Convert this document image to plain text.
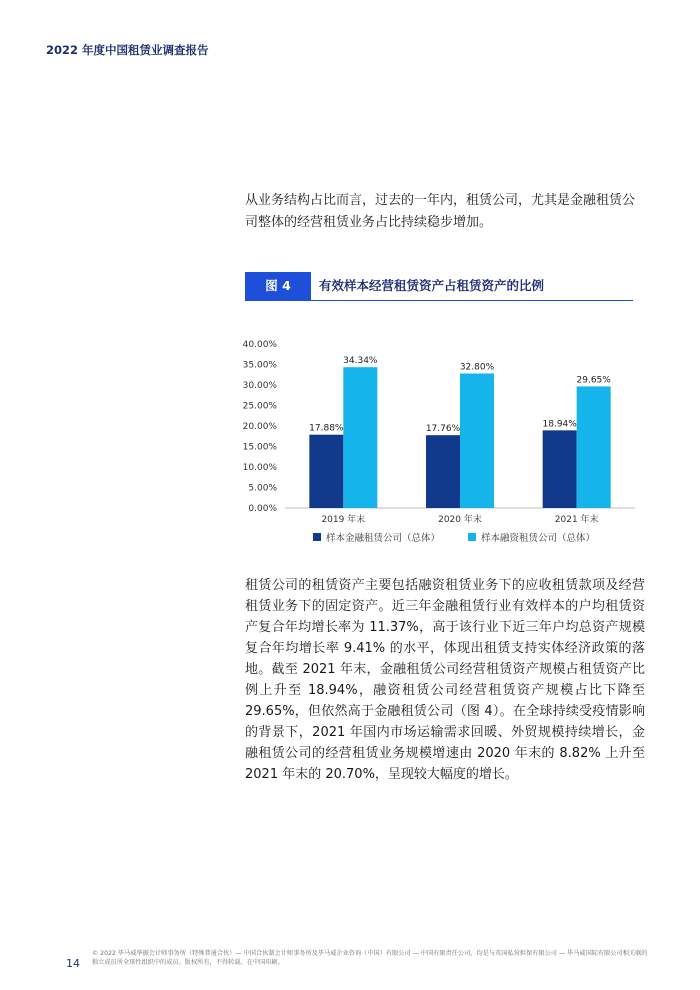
2022 年度中国租赁业调查报告
从业务结构占比而言，过去的一年内，租赁公司，尤其是金融租赁公司整体的经营租赁业务占比持续稳步增加。
图 4	有效样本经营租赁资产占租赁资产的比例
0.00%
5.00%
10.00%
15.00%
20.00%
25.00%
30.00%
35.00%
40.00%
17.88%
34.34%
2019 年末
17.76%
32.80%
2020 年末
18.94%
29.65%
2021 年末
样本金融租赁公司（总体）	样本融资租赁公司（总体）
租赁公司的租赁资产主要包括融资租赁业务下的应收租赁款项及经营租赁业务下的固定资产。近三年金融租赁行业有效样本的户均租赁资产复合年均增长率为 11.37%，高于该行业下近三年户均总资产规模复合年均增长率 9.41% 的水平，体现出租赁支持实体经济政策的落地。截至 2021 年末，金融租赁公司经营租赁资产规模占租赁资产比例上升至 18.94%，融资租赁公司经营租赁资产规模占比下降至 29.65%，但依然高于金融租赁公司（图 4）。在全球持续受疫情影响的背景下，2021 年国内市场运输需求回暖、外贸规模持续增长，金融租赁公司的经营租赁业务规模增速由 2020 年末的 8.82% 上升至 2021 年末的 20.70%，呈现较大幅度的增长。
14
© 2022 毕马威华振会计师事务所（特殊普通合伙）— 中国合伙制会计师事务所及毕马威企业咨询（中国）有限公司 — 中国有限责任公司，均是与英国私营担保有限公司 — 毕马威国际有限公司相关联的独立成员所全球性组织中的成员。版权所有，不得转载。在中国印刷。
